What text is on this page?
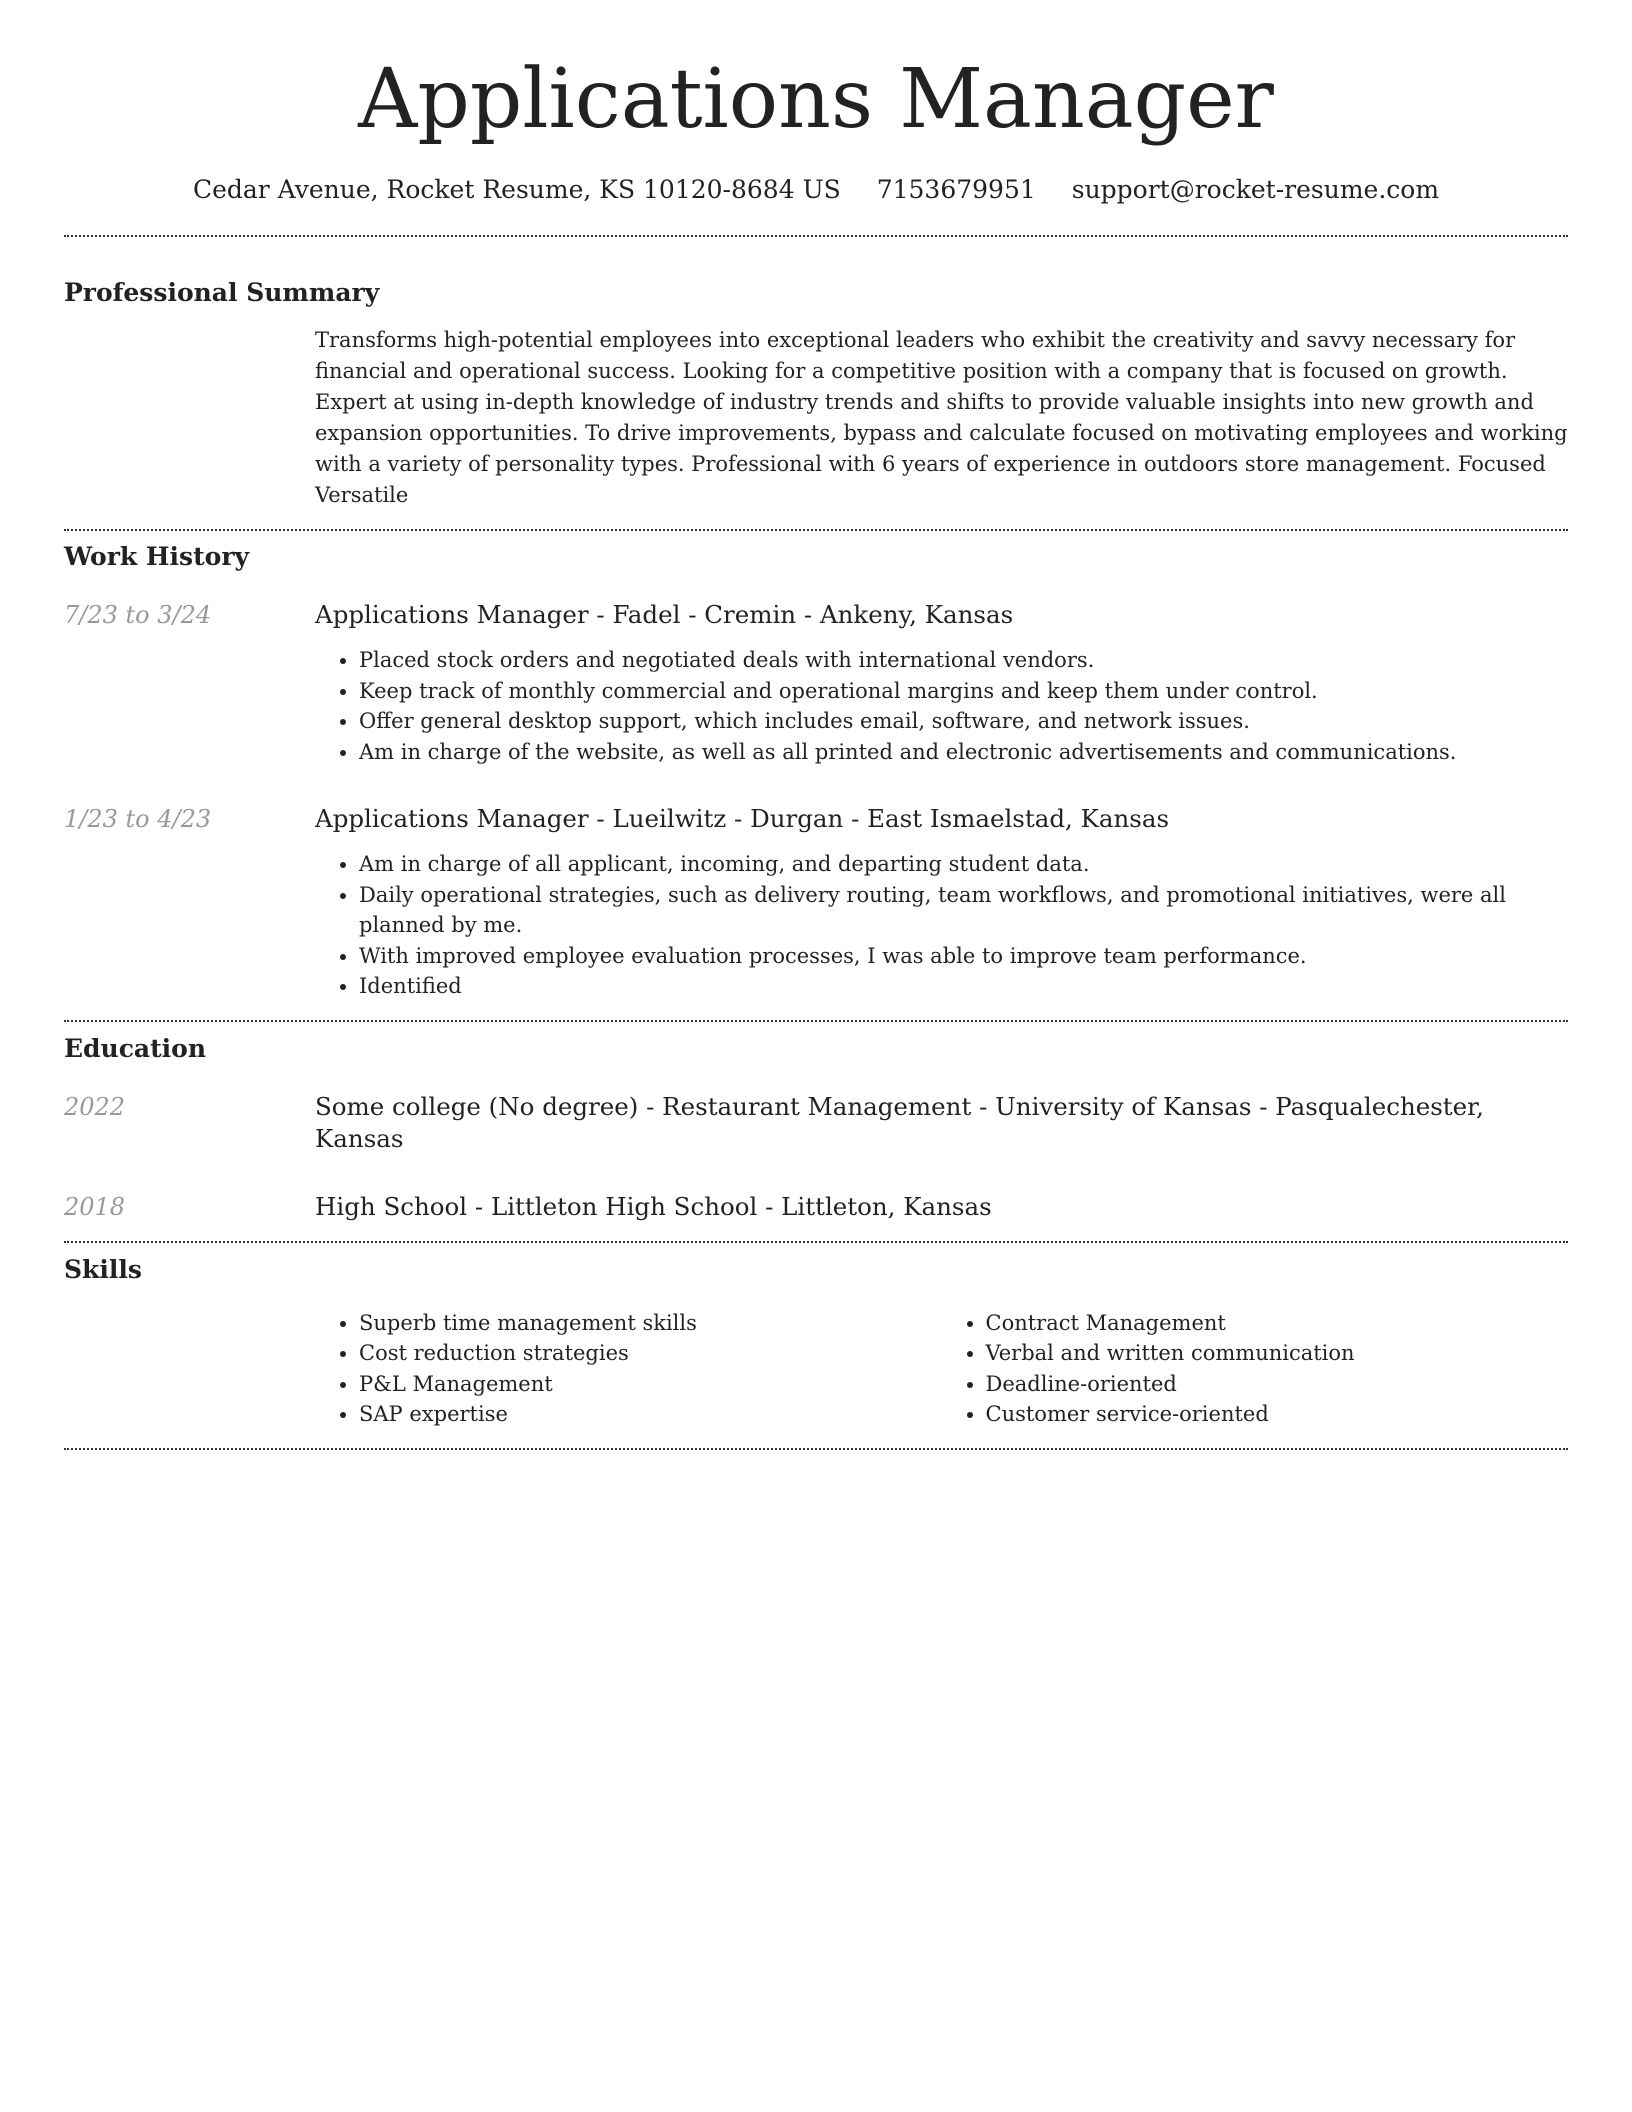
Applications Manager
Cedar Avenue, Rocket Resume, KS 10120-8684 US 7153679951 support@rocket-resume.com
Professional Summary

Transforms high-potential employees into exceptional leaders who exhibit the creativity and savvy necessary for financial and operational success. Looking for a competitive position with a company that is focused on growth. Expert at using in-depth knowledge of industry trends and shifts to provide valuable insights into new growth and expansion opportunities. To drive improvements, bypass and calculate focused on motivating employees and working with a variety of personality types. Professional with 6 years of experience in outdoors store management. Focused Versatile

Work History
7/23 to 3/24	Applications Manager - Fadel - Cremin - Ankeny, Kansas

• Placed stock orders and negotiated deals with international vendors.
• Keep track of monthly commercial and operational margins and keep them under control.
• Offer general desktop support, which includes email, software, and network issues.
• Am in charge of the website, as well as all printed and electronic advertisements and communications.
1/23 to 4/23	Applications Manager - Lueilwitz - Durgan - East Ismaelstad, Kansas

• Am in charge of all applicant, incoming, and departing student data.
• Daily operational strategies, such as delivery routing, team workflows, and promotional initiatives, were all planned by me.
• With improved employee evaluation processes, I was able to improve team performance.
• Identified
Education
2022	Some college (No degree) - Restaurant Management - University of Kansas - Pasqualechester, Kansas

2018	High School - Littleton High School - Littleton, Kansas

Skills
• Superb time management skills
• Cost reduction strategies
• P&L Management
• SAP expertise
• Contract Management
• Verbal and written communication
• Deadline-oriented
• Customer service-oriented
